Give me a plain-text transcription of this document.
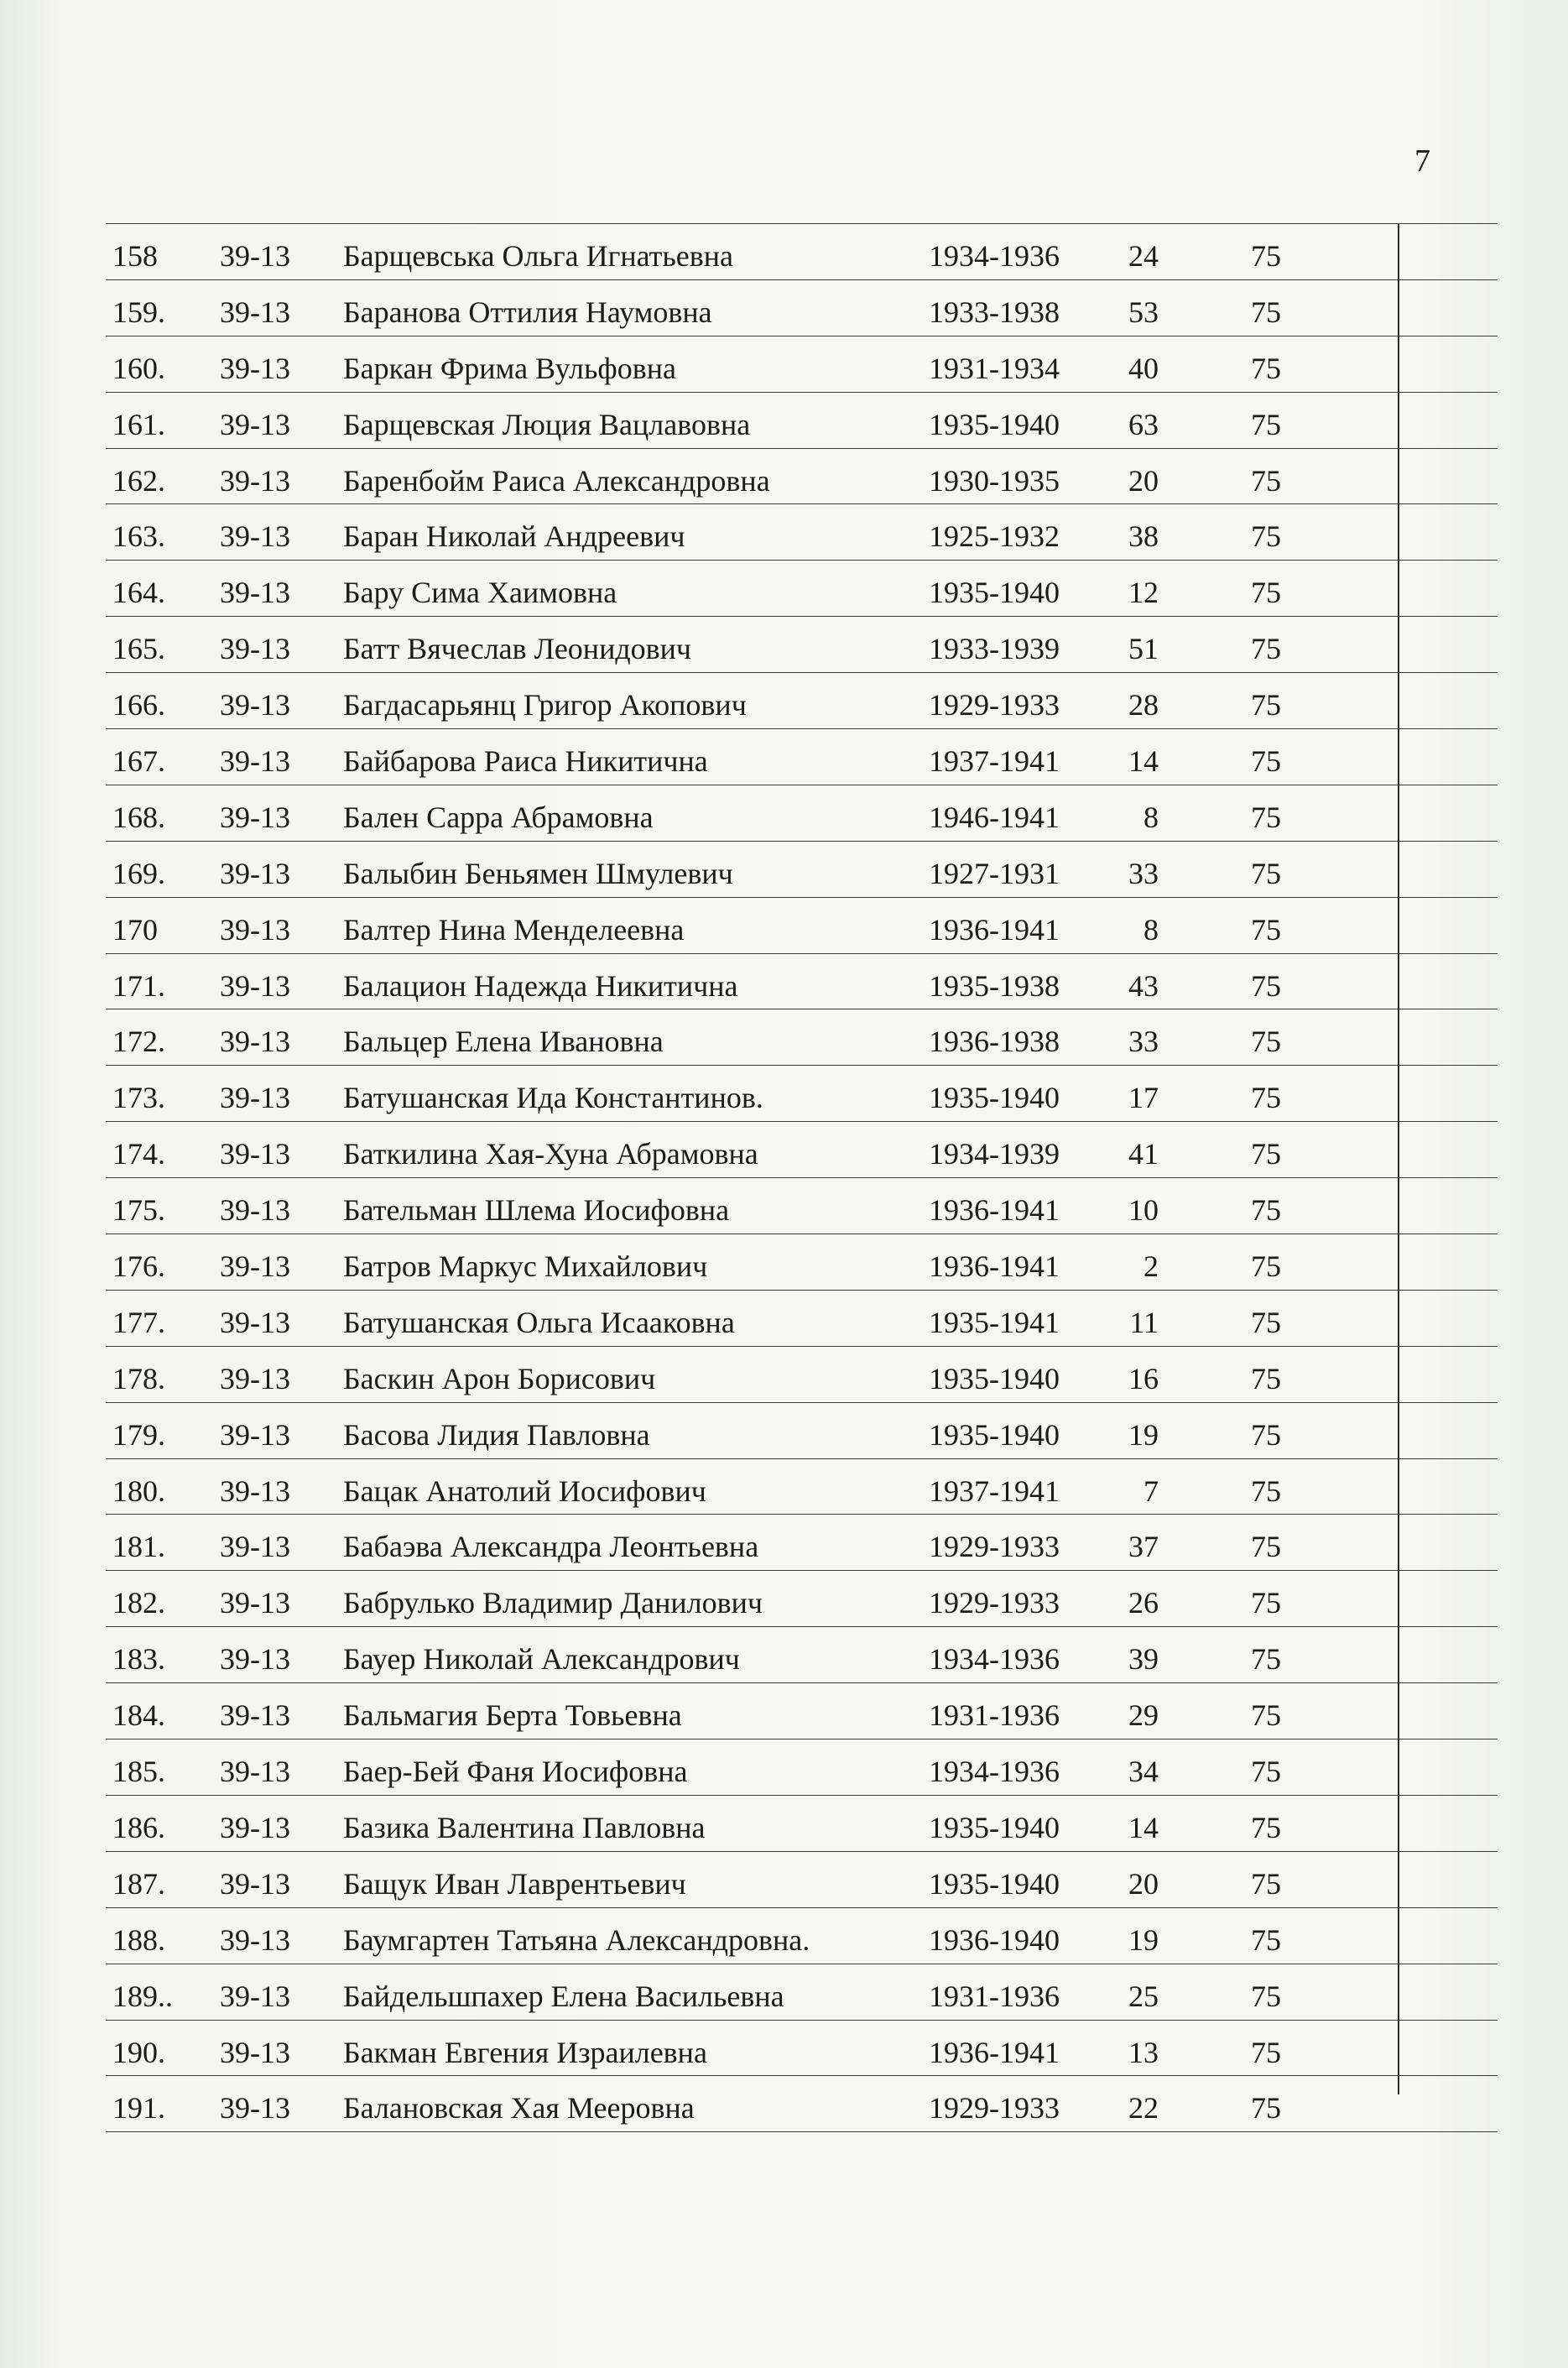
7
158 39-13 Барщевська Ольга Игнатьевна	1934-1936	24	75
159. 39-13 Баранова Оттилия Наумовна	1933-1938	53	75
160. 39-13 Баркан Фрима Вульфовна	1931-1934	40	75
161. 39-13 Барщевская Люция Вацлавовна	1935-1940	63	75
162. 39-13 Баренбойм Раиса Александровна	1930-1935	20	75
163. 39-13 Баран Николай Андреевич	1925-1932	38	75
164. 39-13 Бару Сима Хаимовна	1935-1940	12	75
165. 39-13 Батт Вячеслав Леонидович	1933-1939	51	75
166. 39-13 Багдасарьянц Григор Акопович	1929-1933	28	75
167. 39-13 Байбарова Раиса Никитична	1937-1941	14	75
168. 39-13 Бален Сарра Абрамовна	1946-1941	8	75
169. 39-13 Балыбин Беньямен Шмулевич	1927-1931	33	75
170 39-13 Балтер Нина Менделеевна	1936-1941	8	75
171. 39-13 Балацион Надежда Никитична	1935-1938	43	75
172. 39-13 Бальцер Елена Ивановна	1936-1938	33	75
173. 39-13 Батушанская Ида Константинов.	1935-1940	17	75
174. 39-13 Баткилина Хая-Хуна Абрамовна	1934-1939	41	75
175. 39-13 Бательман Шлема Иосифовна	1936-1941	10	75
176. 39-13 Батров Маркус Михайлович	1936-1941	2	75
177. 39-13 Батушанская Ольга Исааковна	1935-1941	11	75
178. 39-13 Баскин Арон Борисович	1935-1940	16	75
179. 39-13 Басова Лидия Павловна	1935-1940	19	75
180. 39-13 Бацак Анатолий Иосифович	1937-1941	7	75
181. 39-13 Бабаэва Александра Леонтьевна	1929-1933	37	75
182. 39-13 Бабрулько Владимир Данилович	1929-1933	26	75
183. 39-13 Бауер Николай Александрович	1934-1936	39	75
184. 39-13 Бальмагия Берта Товьевна	1931-1936	29	75
185. 39-13 Баер-Бей Фаня Иосифовна	1934-1936	34	75
186. 39-13 Базика Валентина Павловна	1935-1940	14	75
187. 39-13 Бащук Иван Лаврентьевич	1935-1940	20	75
188. 39-13 Баумгартен Татьяна Александровна.	1936-1940	19	75
189.. 39-13 Байдельшпахер Елена Васильевна	1931-1936	25	75
190. 39-13 Бакман Евгения Израилевна	1936-1941	13	75
191. 39-13 Балановская Хая Мееровна	1929-1933	22	75
